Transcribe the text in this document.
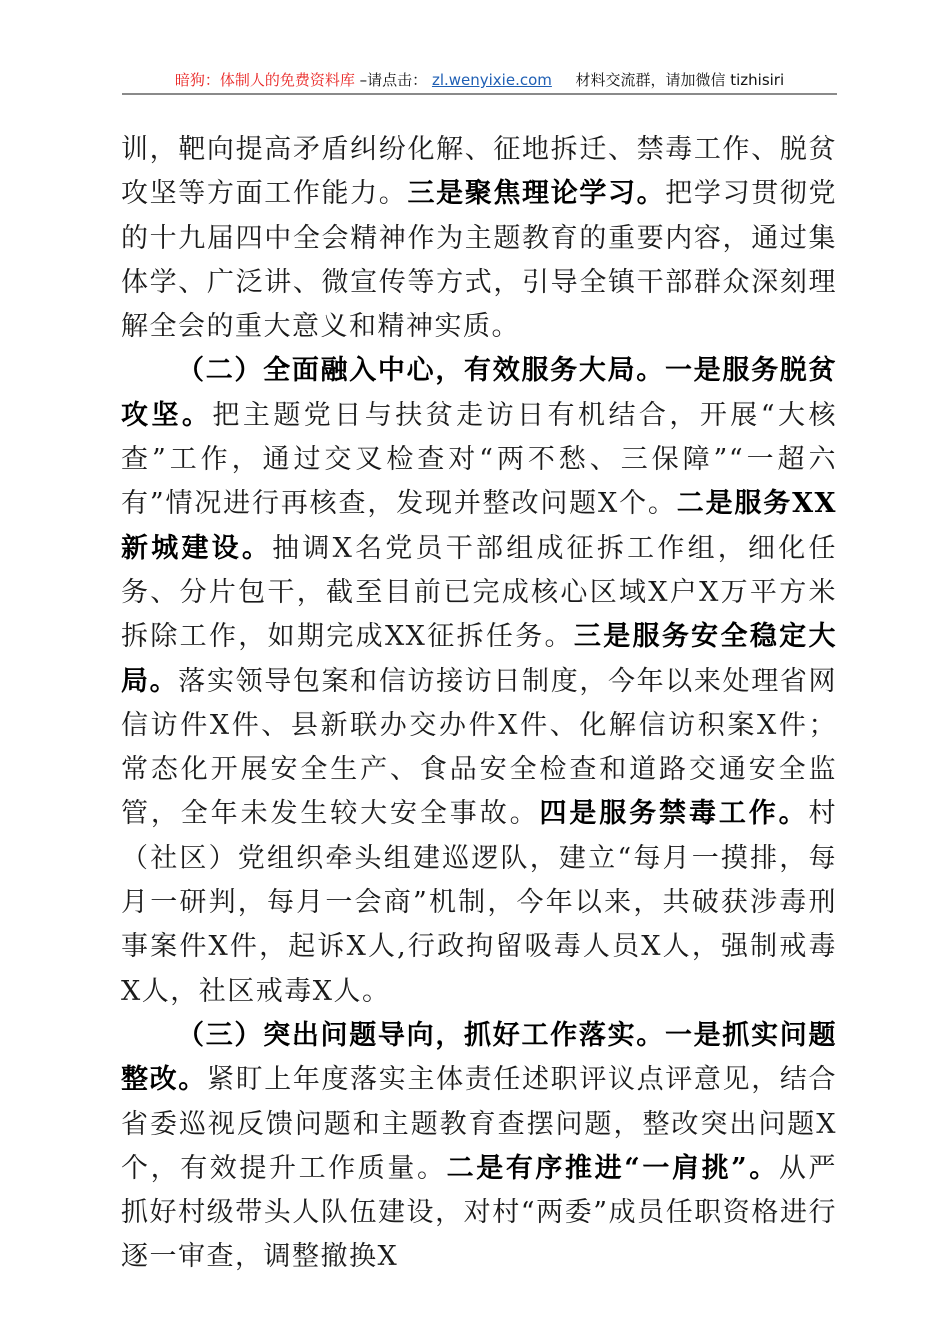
暗狗：体制人的免费资料库 –请点击： zl.wenyixie.com 材料交流群，请加微信 tizhisiri

训，靶向提高矛盾纠纷化解、征地拆迁、禁毒工作、脱贫攻坚等方面工作能力。三是聚焦理论学习。把学习贯彻党的十九届四中全会精神作为主题教育的重要内容，通过集体学、广泛讲、微宣传等方式，引导全镇干部群众深刻理解全会的重大意义和精神实质。

（二）全面融入中心，有效服务大局。一是服务脱贫攻坚。把主题党日与扶贫走访日有机结合，开展“大核查”工作，通过交叉检查对“两不愁、三保障”“一超六有”情况进行再核查，发现并整改问题X个。二是服务XX新城建设。抽调X名党员干部组成征拆工作组，细化任务、分片包干，截至目前已完成核心区域X户X万平方米拆除工作，如期完成XX征拆任务。三是服务安全稳定大局。落实领导包案和信访接访日制度，今年以来处理省网信访件X件、县新联办交办件X件、化解信访积案X件；常态化开展安全生产、食品安全检查和道路交通安全监管，全年未发生较大安全事故。四是服务禁毒工作。村（社区）党组织牵头组建巡逻队，建立“每月一摸排，每月一研判，每月一会商”机制，今年以来，共破获涉毒刑事案件X件，起诉X人,行政拘留吸毒人员X人，强制戒毒X人，社区戒毒X人。

（三）突出问题导向，抓好工作落实。一是抓实问题整改。紧盯上年度落实主体责任述职评议点评意见，结合省委巡视反馈问题和主题教育查摆问题，整改突出问题X个，有效提升工作质量。二是有序推进“一肩挑”。从严抓好村级带头人队伍建设，对村“两委”成员任职资格进行逐一审查，调整撤换X
